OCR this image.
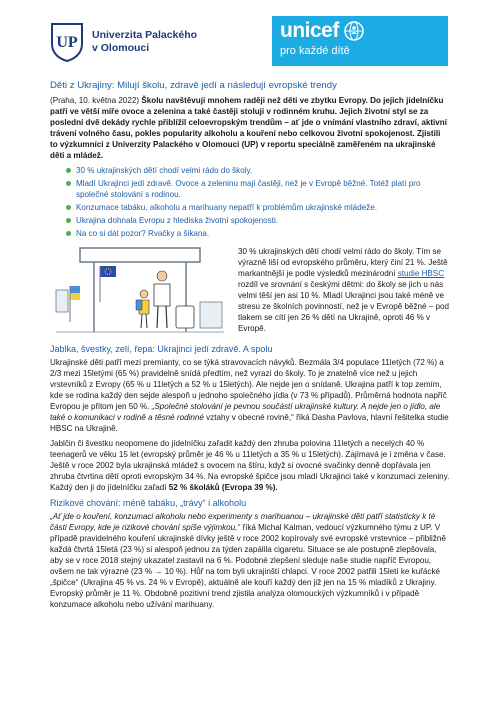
UP Univerzita Palackého
v Olomouci
unicef
pro každé dítě
Děti z Ukrajiny: Milují školu, zdravě jedí a následují evropské trendy

(Praha, 10. května 2022) Školu navštěvují mnohem raději než děti ve zbytku Evropy. Do jejich jídelníčku patří ve větší míře ovoce a zelenina a také častěji stolují v rodinném kruhu. Jejich životní styl se za poslední dvě dekády rychle přiblížil celoevropským trendům – ať jde o vnímání vlastního zdraví, aktivní trávení volného času, pokles popularity alkoholu a kouření nebo celkovou životní spokojenost. Zjistili to výzkumníci z Univerzity Palackého v Olomouci (UP) v reportu speciálně zaměřeném na ukrajinské děti a mládež.

30 % ukrajinských dětí chodí velmi rádo do školy.
Mladí Ukrajinci jedí zdravě. Ovoce a zeleninu mají častěji, než je v Evropě běžné. Totéž platí pro společné stolování s rodinou.
Konzumace tabáku, alkoholu a marihuany nepatří k problémům ukrajinské mládeže.
Ukrajina dohnala Evropu z hlediska životní spokojenosti.
Na co si dát pozor? Rvačky a šikana.

30 % ukrajinských dětí chodí velmi rádo do školy. Tím se výrazně liší od evropského průměru, který činí 21 %. Ještě markantnější je podle výsledků mezinárodní studie HBSC rozdíl ve srovnání s českými dětmi: do školy se jich u nás velmi těší jen asi 10 %. Mladí Ukrajinci jsou také méně ve stresu ze školních povinností, než je v Evropě běžné – pod tlakem se cítí jen 26 % dětí na Ukrajině, oproti 46 % v Evropě.

Jablka, švestky, zelí, řepa: Ukrajinci jedí zdravě. A spolu

Ukrajinské děti patří mezi premianty, co se týká stravovacích návyků. Bezmála 3/4 populace 11letých (72 %) a 2/3 mezi 15letými (65 %) pravidelně snídá předtím, než vyrazí do školy. To je znatelně více než u jejich vrstevníků z Evropy (65 % u 11letých a 52 % u 15letých). Ale nejde jen o snídaně. Ukrajina patří k top zemím, kde se rodina každý den sejde alespoň u jednoho společného jídla (v 73 % případů). Průměrná hodnota napříč Evropou je přitom jen 50 %. „Společné stolování je pevnou součástí ukrajinské kultury. A nejde jen o jídlo, ale také o komunikaci v rodině a těsné rodinné vztahy v obecné rovině,“ říká Dasha Pavlova, hlavní řešitelka studie HBSC na Ukrajině.

Jablčin či švestku neopomene do jídelníčku zařadit každý den zhruba polovina 11letých a necelých 40 % teenagerů ve věku 15 let (evropský průměr je 46 % u 11letých a 35 % u 15letých). Zajímavá je i změna v čase. Ještě v roce 2002 byla ukrajinská mládež s ovocem na štíru, když si ovocné svačinky denně dopřávala jen zhruba čtvrtina dětí oproti evropským 34 %. Na evropské špičce jsou mladí Ukrajinci také v konzumaci zeleniny. Každý den ji do jídelníčku zařadí 52 % školáků (Evropa 39 %).

Rizikové chování: méně tabáku, „trávy“ i alkoholu

„Ať jde o kouření, konzumaci alkoholu nebo experimenty s marihuanou – ukrajinské děti patří statisticky k té části Evropy, kde je rizikové chování spíše výjimkou,“ říká Michal Kalman, vedoucí výzkumného týmu z UP. V případě pravidelného kouření ukrajinské dívky ještě v roce 2002 kopírovaly své evropské vrstevnice – přibližně každá čtvrtá 15letá (23 %) si alespoň jednou za týden zapálila cigaretu. Situace se ale postupně zlepšovala, aby se v roce 2018 stejný ukazatel zastavil na 6 %. Podobné zlepšení sleduje naše studie napříč Evropou, ovšem ne tak výrazné (23 % → 10 %). Hůř na tom byli ukrajinští chlapci. V roce 2002 patřili 15letí ke kuřácké „špičce“ (Ukrajina 45 % vs. 24 % v Evropě), aktuálně ale kouří každý den již jen na 15 % mladíků z Ukrajiny. Evropský průměr je 11 %. Obdobně pozitivní trend zjistila analýza olomouckých výzkumníků i v případě konzumace alkoholu nebo užívání marihuany.
